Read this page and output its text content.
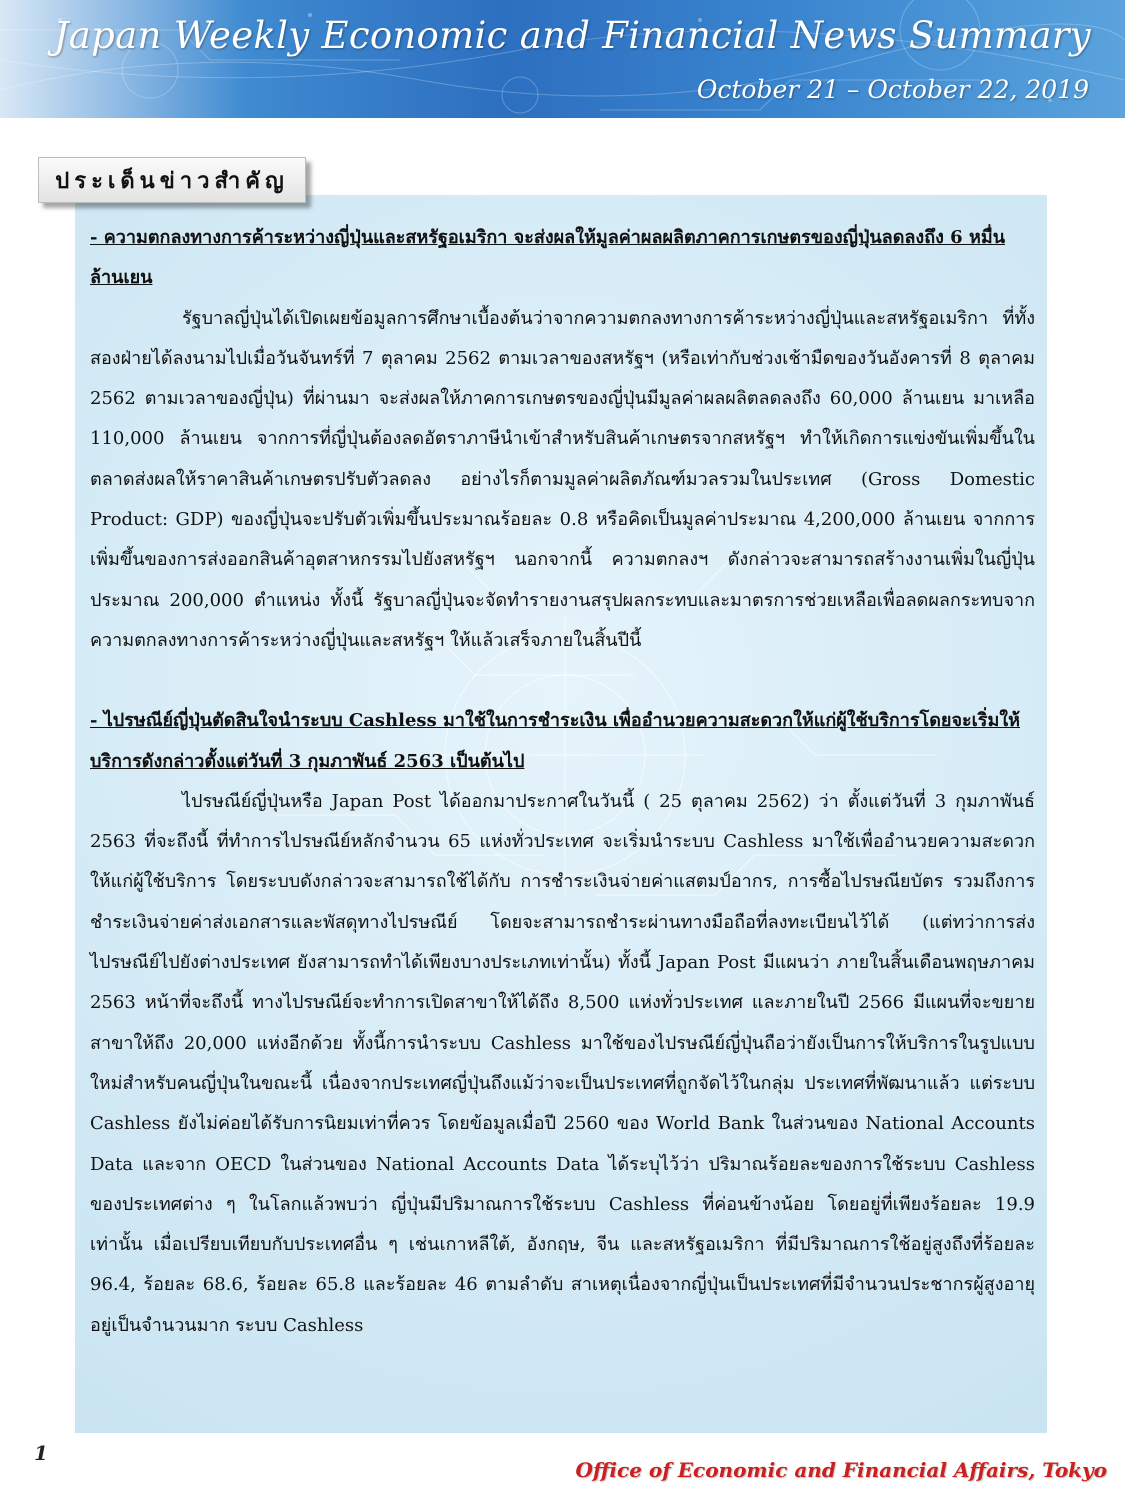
Japan Weekly Economic and Financial News Summary
October 21 – October 22, 2019
ประเด็นข่าวสำคัญ

- ความตกลงทางการค้าระหว่างญี่ปุ่นและสหรัฐอเมริกา จะส่งผลให้มูลค่าผลผลิตภาคการเกษตรของญี่ปุ่นลดลงถึง 6 หมื่นล้านเยน

รัฐบาลญี่ปุ่นได้เปิดเผยข้อมูลการศึกษาเบื้องต้นว่าจากความตกลงทางการค้าระหว่างญี่ปุ่นและสหรัฐอเมริกา ที่ทั้งสองฝ่ายได้ลงนามไปเมื่อวันจันทร์ที่ 7 ตุลาคม 2562 ตามเวลาของสหรัฐฯ (หรือเท่ากับช่วงเช้ามืดของวันอังคารที่ 8 ตุลาคม 2562 ตามเวลาของญี่ปุ่น) ที่ผ่านมา จะส่งผลให้ภาคการเกษตรของญี่ปุ่นมีมูลค่าผลผลิตลดลงถึง 60,000 ล้านเยน มาเหลือ 110,000 ล้านเยน จากการที่ญี่ปุ่นต้องลดอัตราภาษีนำเข้าสำหรับสินค้าเกษตรจากสหรัฐฯ ทำให้เกิดการแข่งขันเพิ่มขึ้นในตลาดส่งผลให้ราคาสินค้าเกษตรปรับตัวลดลง อย่างไรก็ตามมูลค่าผลิตภัณฑ์มวลรวมในประเทศ (Gross Domestic Product: GDP) ของญี่ปุ่นจะปรับตัวเพิ่มขึ้นประมาณร้อยละ 0.8 หรือคิดเป็นมูลค่าประมาณ 4,200,000 ล้านเยน จากการเพิ่มขึ้นของการส่งออกสินค้าอุตสาหกรรมไปยังสหรัฐฯ นอกจากนี้ ความตกลงฯ ดังกล่าวจะสามารถสร้างงานเพิ่มในญี่ปุ่นประมาณ 200,000 ตำแหน่ง ทั้งนี้ รัฐบาลญี่ปุ่นจะจัดทำรายงานสรุปผลกระทบและมาตรการช่วยเหลือเพื่อลดผลกระทบจากความตกลงทางการค้าระหว่างญี่ปุ่นและสหรัฐฯ ให้แล้วเสร็จภายในสิ้นปีนี้

- ไปรษณีย์ญี่ปุ่นตัดสินใจนำระบบ Cashless มาใช้ในการชำระเงิน เพื่ออำนวยความสะดวกให้แก่ผู้ใช้บริการโดยจะเริ่มให้บริการดังกล่าวตั้งแต่วันที่ 3 กุมภาพันธ์ 2563 เป็นต้นไป

ไปรษณีย์ญี่ปุ่นหรือ Japan Post ได้ออกมาประกาศในวันนี้ ( 25 ตุลาคม 2562) ว่า ตั้งแต่วันที่ 3 กุมภาพันธ์ 2563 ที่จะถึงนี้ ที่ทำการไปรษณีย์หลักจำนวน 65 แห่งทั่วประเทศ จะเริ่มนำระบบ Cashless มาใช้เพื่ออำนวยความสะดวกให้แก่ผู้ใช้บริการ โดยระบบดังกล่าวจะสามารถใช้ได้กับ การชำระเงินจ่ายค่าแสตมป์อากร, การซื้อไปรษณียบัตร รวมถึงการชำระเงินจ่ายค่าส่งเอกสารและพัสดุทางไปรษณีย์ โดยจะสามารถชำระผ่านทางมือถือที่ลงทะเบียนไว้ได้ (แต่ทว่าการส่งไปรษณีย์ไปยังต่างประเทศ ยังสามารถทำได้เพียงบางประเภทเท่านั้น) ทั้งนี้ Japan Post มีแผนว่า ภายในสิ้นเดือนพฤษภาคม 2563 หน้าที่จะถึงนี้ ทางไปรษณีย์จะทำการเปิดสาขาให้ได้ถึง 8,500 แห่งทั่วประเทศ และภายในปี 2566 มีแผนที่จะขยายสาขาให้ถึง 20,000 แห่งอีกด้วย ทั้งนี้การนำระบบ Cashless มาใช้ของไปรษณีย์ญี่ปุ่นถือว่ายังเป็นการให้บริการในรูปแบบใหม่สำหรับคนญี่ปุ่นในขณะนี้ เนื่องจากประเทศญี่ปุ่นถึงแม้ว่าจะเป็นประเทศที่ถูกจัดไว้ในกลุ่ม ประเทศที่พัฒนาแล้ว แต่ระบบ Cashless ยังไม่ค่อยได้รับการนิยมเท่าที่ควร โดยข้อมูลเมื่อปี 2560 ของ World Bank ในส่วนของ National Accounts Data และจาก OECD ในส่วนของ National Accounts Data ได้ระบุไว้ว่า ปริมาณร้อยละของการใช้ระบบ Cashless ของประเทศต่าง ๆ ในโลกแล้วพบว่า ญี่ปุ่นมีปริมาณการใช้ระบบ Cashless ที่ค่อนข้างน้อย โดยอยู่ที่เพียงร้อยละ 19.9 เท่านั้น เมื่อเปรียบเทียบกับประเทศอื่น ๆ เช่นเกาหลีใต้, อังกฤษ, จีน และสหรัฐอเมริกา ที่มีปริมาณการใช้อยู่สูงถึงที่ร้อยละ 96.4, ร้อยละ 68.6, ร้อยละ 65.8 และร้อยละ 46 ตามลำดับ สาเหตุเนื่องจากญี่ปุ่นเป็นประเทศที่มีจำนวนประชากรผู้สูงอายุอยู่เป็นจำนวนมาก ระบบ Cashless

1
Office of Economic and Financial Affairs, Tokyo
